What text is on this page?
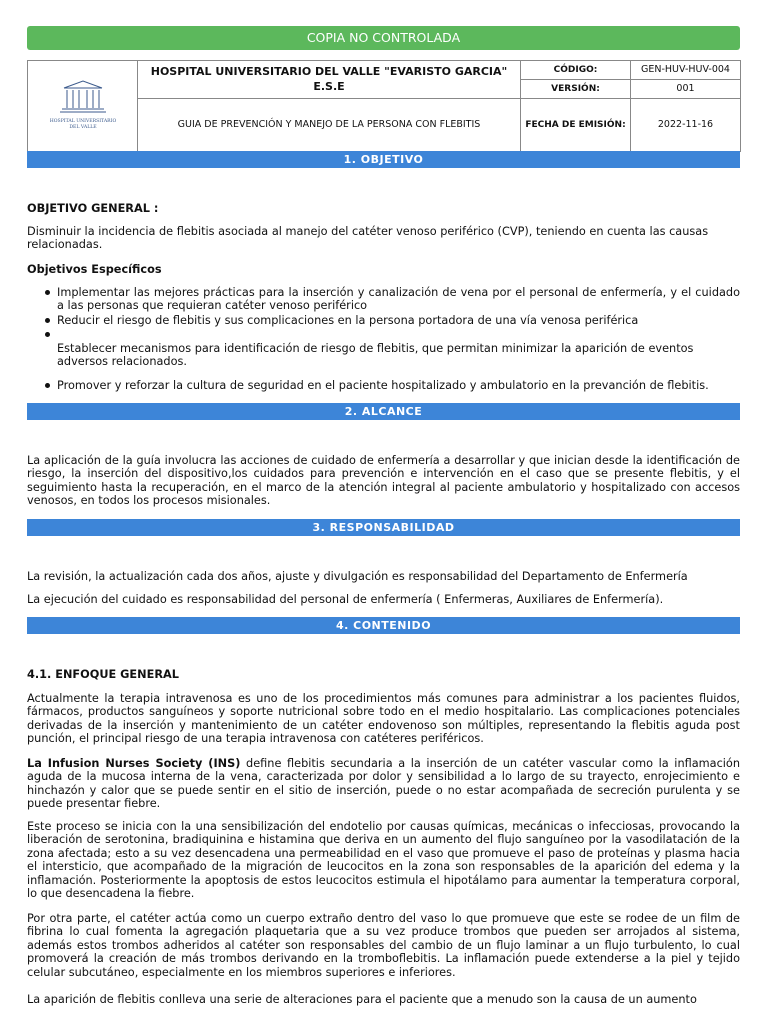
COPIA NO CONTROLADA
HOSPITAL UNIVERSITARIO
DEL VALLE	HOSPITAL UNIVERSITARIO DEL VALLE "EVARISTO GARCIA" E.S.E	CÓDIGO:	GEN-HUV-HUV-004
		VERSIÓN:	001
	GUIA DE PREVENCIÓN Y MANEJO DE LA PERSONA CON FLEBITIS	FECHA DE EMISIÓN:	2022-11-16
1. OBJETIVO

OBJETIVO GENERAL :

Disminuir la incidencia de flebitis asociada al manejo del catéter venoso periférico (CVP), teniendo en cuenta las causas relacionadas.

Objetivos Específicos

Implementar las mejores prácticas para la inserción y canalización de vena por el personal de enfermería, y el cuidado a las personas que requieran catéter venoso periférico
Reducir el riesgo de flebitis y sus complicaciones en la persona portadora de una vía venosa periférica
Establecer mecanismos para identificación de riesgo de flebitis, que permitan minimizar la aparición de eventos adversos relacionados.
Promover y reforzar la cultura de seguridad en el paciente hospitalizado y ambulatorio en la prevanción de flebitis.
2. ALCANCE

La aplicación de la guía involucra las acciones de cuidado de enfermería a desarrollar y que inician desde la identificación de riesgo, la inserción del dispositivo,los cuidados para prevención e intervención en el caso que se presente flebitis, y el seguimiento hasta la recuperación, en el marco de la atención integral al paciente ambulatorio y hospitalizado con accesos venosos, en todos los procesos misionales.

3. RESPONSABILIDAD

La revisión, la actualización cada dos años, ajuste y divulgación es responsabilidad del Departamento de Enfermería

La ejecución del cuidado es responsabilidad del personal de enfermería ( Enfermeras, Auxiliares de Enfermería).

4. CONTENIDO

4.1. ENFOQUE GENERAL

Actualmente la terapia intravenosa es uno de los procedimientos más comunes para administrar a los pacientes fluidos, fármacos, productos sanguíneos y soporte nutricional sobre todo en el medio hospitalario. Las complicaciones potenciales derivadas de la inserción y mantenimiento de un catéter endovenoso son múltiples, representando la flebitis aguda post punción, el principal riesgo de una terapia intravenosa con catéteres periféricos.

La Infusion Nurses Society (INS) define flebitis secundaria a la inserción de un catéter vascular como la inflamación aguda de la mucosa interna de la vena, caracterizada por dolor y sensibilidad a lo largo de su trayecto, enrojecimiento e hinchazón y calor que se puede sentir en el sitio de inserción, puede o no estar acompañada de secreción purulenta y se puede presentar fiebre.

Este proceso se inicia con la una sensibilización del endotelio por causas químicas, mecánicas o infecciosas, provocando la liberación de serotonina, bradiquinina e histamina que deriva en un aumento del flujo sanguíneo por la vasodilatación de la zona afectada; esto a su vez desencadena una permeabilidad en el vaso que promueve el paso de proteínas y plasma hacia el intersticio, que acompañado de la migración de leucocitos en la zona son responsables de la aparición del edema y la inflamación. Posteriormente la apoptosis de estos leucocitos estimula el hipotálamo para aumentar la temperatura corporal, lo que desencadena la fiebre.

Por otra parte, el catéter actúa como un cuerpo extraño dentro del vaso lo que promueve que este se rodee de un film de fibrina lo cual fomenta la agregación plaquetaria que a su vez produce trombos que pueden ser arrojados al sistema, además estos trombos adheridos al catéter son responsables del cambio de un flujo laminar a un flujo turbulento, lo cual promoverá la creación de más trombos derivando en la tromboflebitis. La inflamación puede extenderse a la piel y tejido celular subcutáneo, especialmente en los miembros superiores e inferiores.

La aparición de flebitis conlleva una serie de alteraciones para el paciente que a menudo son la causa de un aumento
